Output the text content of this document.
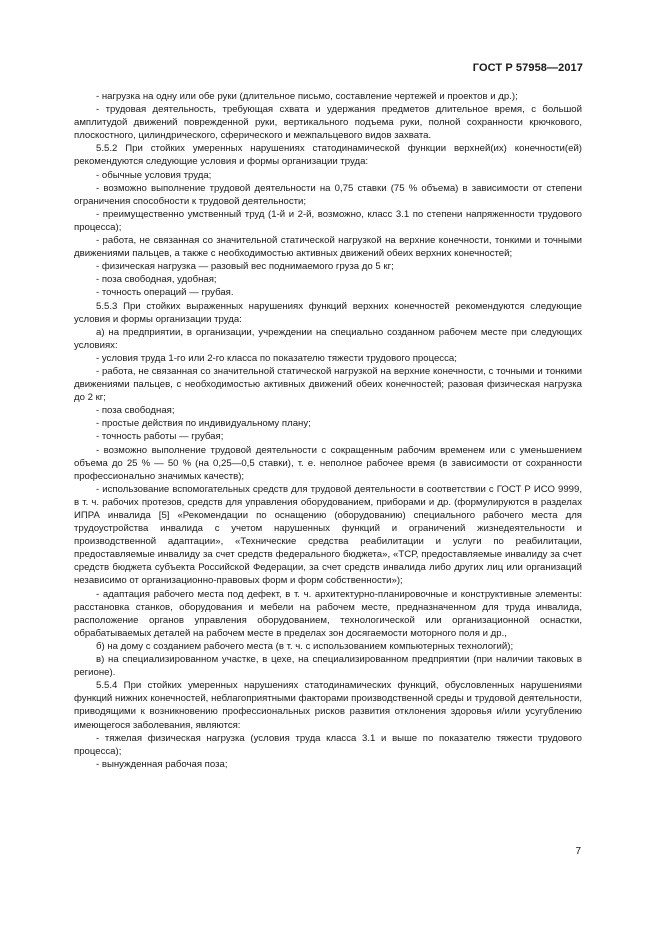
ГОСТ Р 57958—2017

- нагрузка на одну или обе руки (длительное письмо, составление чертежей и проектов и др.);

- трудовая деятельность, требующая схвата и удержания предметов длительное время, с большой амплитудой движений поврежденной руки, вертикального подъема руки, полной сохранности крючкового, плоскостного, цилиндрического, сферического и межпальцевого видов захвата.

5.5.2 При стойких умеренных нарушениях статодинамической функции верхней(их) конечности(ей) рекомендуются следующие условия и формы организации труда:

- обычные условия труда;

- возможно выполнение трудовой деятельности на 0,75 ставки (75 % объема) в зависимости от степени ограничения способности к трудовой деятельности;

- преимущественно умственный труд (1-й и 2-й, возможно, класс 3.1 по степени напряженности трудового процесса);

- работа, не связанная со значительной статической нагрузкой на верхние конечности, тонкими и точными движениями пальцев, а также с необходимостью активных движений обеих верхних конечностей;

- физическая нагрузка — разовый вес поднимаемого груза до 5 кг;

- поза свободная, удобная;

- точность операций — грубая.

5.5.3 При стойких выраженных нарушениях функций верхних конечностей рекомендуются следующие условия и формы организации труда:

а) на предприятии, в организации, учреждении на специально созданном рабочем месте при следующих условиях:

- условия труда 1-го или 2-го класса по показателю тяжести трудового процесса;

- работа, не связанная со значительной статической нагрузкой на верхние конечности, с точными и тонкими движениями пальцев, с необходимостью активных движений обеих конечностей; разовая физическая нагрузка до 2 кг;

- поза свободная;

- простые действия по индивидуальному плану;

- точность работы — грубая;

- возможно выполнение трудовой деятельности с сокращенным рабочим временем или с уменьшением объема до 25 % — 50 % (на 0,25—0,5 ставки), т. е. неполное рабочее время (в зависимости от сохранности профессионально значимых качеств);

- использование вспомогательных средств для трудовой деятельности в соответствии с ГОСТ Р ИСО 9999, в т. ч. рабочих протезов, средств для управления оборудованием, приборами и др. (формулируются в разделах ИПРА инвалида [5] «Рекомендации по оснащению (оборудованию) специального рабочего места для трудоустройства инвалида с учетом нарушенных функций и ограничений жизнедеятельности и производственной адаптации», «Технические средства реабилитации и услуги по реабилитации, предоставляемые инвалиду за счет средств федерального бюджета», «ТСР, предоставляемые инвалиду за счет средств бюджета субъекта Российской Федерации, за счет средств инвалида либо других лиц или организаций независимо от организационно-правовых форм и форм собственности»);

- адаптация рабочего места под дефект, в т. ч. архитектурно-планировочные и конструктивные элементы: расстановка станков, оборудования и мебели на рабочем месте, предназначенном для труда инвалида, расположение органов управления оборудованием, технологической или организационной оснастки, обрабатываемых деталей на рабочем месте в пределах зон досягаемости моторного поля и др.,

б) на дому с созданием рабочего места (в т. ч. с использованием компьютерных технологий);

в) на специализированном участке, в цехе, на специализированном предприятии (при наличии таковых в регионе).

5.5.4 При стойких умеренных нарушениях статодинамических функций, обусловленных нарушениями функций нижних конечностей, неблагоприятными факторами производственной среды и трудовой деятельности, приводящими к возникновению профессиональных рисков развития отклонения здоровья и/или усугублению имеющегося заболевания, являются:

- тяжелая физическая нагрузка (условия труда класса 3.1 и выше по показателю тяжести трудового процесса);

- вынужденная рабочая поза;

7
